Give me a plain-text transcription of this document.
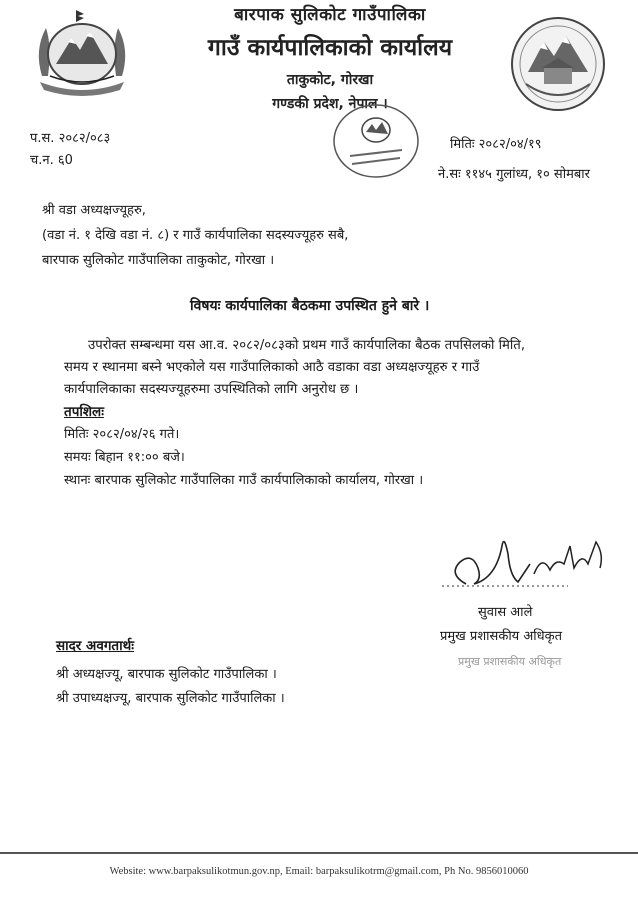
बारपाक सुलिकोट गाउँपालिका
गाउँ कार्यपालिकाको कार्यालय
ताकुकोट, गोरखा
गण्डकी प्रदेश, नेपाल ।
प.स. २०८२/०८३
च.न. ६0
मितिः २०८२/०४/१९
ने.सः ११४५ गुलांध्य, १० सोमबार
श्री वडा अध्यक्षज्यूहरु,
(वडा नं. १ देखि वडा नं. ८) र गाउँ कार्यपालिका सदस्यज्यूहरु सबै,
बारपाक सुलिकोट गाउँपालिका ताकुकोट, गोरखा ।
विषयः कार्यपालिका बैठकमा उपस्थित हुने बारे ।
उपरोक्त सम्बन्धमा यस आ.व. २०८२/०८३को प्रथम गाउँ कार्यपालिका बैठक तपसिलको मिति,
समय र स्थानमा बस्ने भएकोले यस गाउँपालिकाको आठै वडाका वडा अध्यक्षज्यूहरु र गाउँ
कार्यपालिकाका सदस्यज्यूहरुमा उपस्थितिको लागि अनुरोध छ ।
तपशिलः
मितिः २०८२/०४/२६ गते।
समयः बिहान ११:०० बजे।
स्थानः बारपाक सुलिकोट गाउँपालिका गाउँ कार्यपालिकाको कार्यालय, गोरखा ।
सुवास आले
प्रमुख प्रशासकीय अधिकृत
प्रमुख प्रशासकीय अधिकृत
सादर अवगतार्थः
श्री अध्यक्षज्यू, बारपाक सुलिकोट गाउँपालिका ।
श्री उपाध्यक्षज्यू, बारपाक सुलिकोट गाउँपालिका ।
Website: www.barpaksulikotmun.gov.np, Email: barpaksulikotrm@gmail.com, Ph No. 9856010060
